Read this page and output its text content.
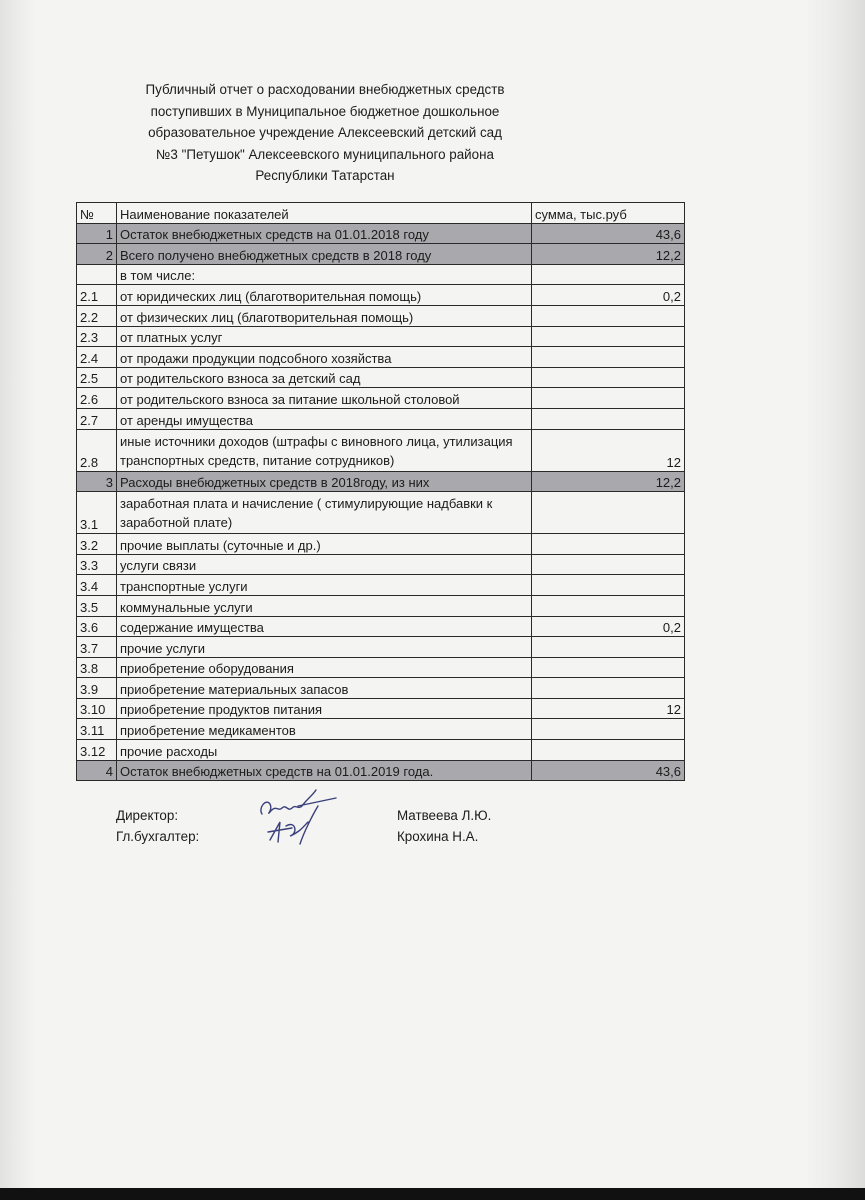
Публичный отчет о расходовании внебюджетных средств
поступивших в Муниципальное бюджетное дошкольное
образовательное учреждение Алексеевский детский сад
№3 "Петушок" Алексеевского муниципального района
Республики Татарстан
№	Наименование показателей	сумма, тыс.руб
1	Остаток внебюджетных средств на 01.01.2018 году	43,6
2	Всего получено внебюджетных средств в 2018 году	12,2
	в том числе:	
2.1	от юридических лиц (благотворительная помощь)	0,2
2.2	от физических лиц (благотворительная помощь)	
2.3	от платных услуг	
2.4	от продажи продукции подсобного хозяйства	
2.5	от родительского взноса за детский сад	
2.6	от родительского взноса за питание школьной столовой	
2.7	от аренды имущества	
2.8	иные источники доходов (штрафы с виновного лица, утилизация транспортных средств, питание сотрудников)	12
3	Расходы внебюджетных средств в 2018году, из них	12,2
3.1	заработная плата и начисление ( стимулирующие надбавки к заработной плате)	
3.2	прочие выплаты (суточные и др.)	
3.3	услуги связи	
3.4	транспортные услуги	
3.5	коммунальные услуги	
3.6	содержание имущества	0,2
3.7	прочие услуги	
3.8	приобретение оборудования	
3.9	приобретение материальных запасов	
3.10	приобретение продуктов питания	12
3.11	приобретение медикаментов	
3.12	прочие расходы	
4	Остаток внебюджетных средств на 01.01.2019 года.	43,6
Директор:
Гл.бухгалтер:
Матвеева Л.Ю.
Крохина Н.А.
